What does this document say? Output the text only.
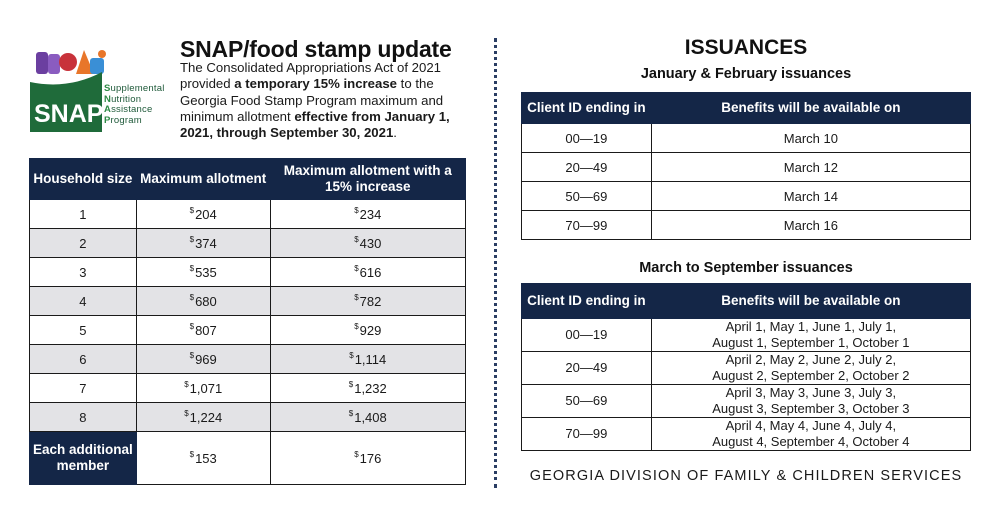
SNAP
Supplemental
Nutrition
Assistance
Program
SNAP/food stamp update
The Consolidated Appropriations Act of 2021 provided a temporary 15% increase to the Georgia Food Stamp Program maximum and minimum allotment effective from January 1, 2021, through September 30, 2021.
Household size	Maximum allotment	Maximum allotment with a 15% increase
1	$204	$234
2	$374	$430
3	$535	$616
4	$680	$782
5	$807	$929
6	$969	$1,114
7	$1,071	$1,232
8	$1,224	$1,408
Each additional member	$153	$176
ISSUANCES
January & February issuances
Client ID ending in	Benefits will be available on
00—19	March 10
20—49	March 12
50—69	March 14
70—99	March 16
March to September issuances
Client ID ending in	Benefits will be available on
00—19	April 1, May 1, June 1, July 1,
August 1, September 1, October 1

20—49	April 2, May 2, June 2, July 2,
August 2, September 2, October 2

50—69	April 3, May 3, June 3, July 3,
August 3, September 3, October 3

70—99	April 4, May 4, June 4, July 4,
August 4, September 4, October 4
GEORGIA DIVISION OF FAMILY & CHILDREN SERVICES
